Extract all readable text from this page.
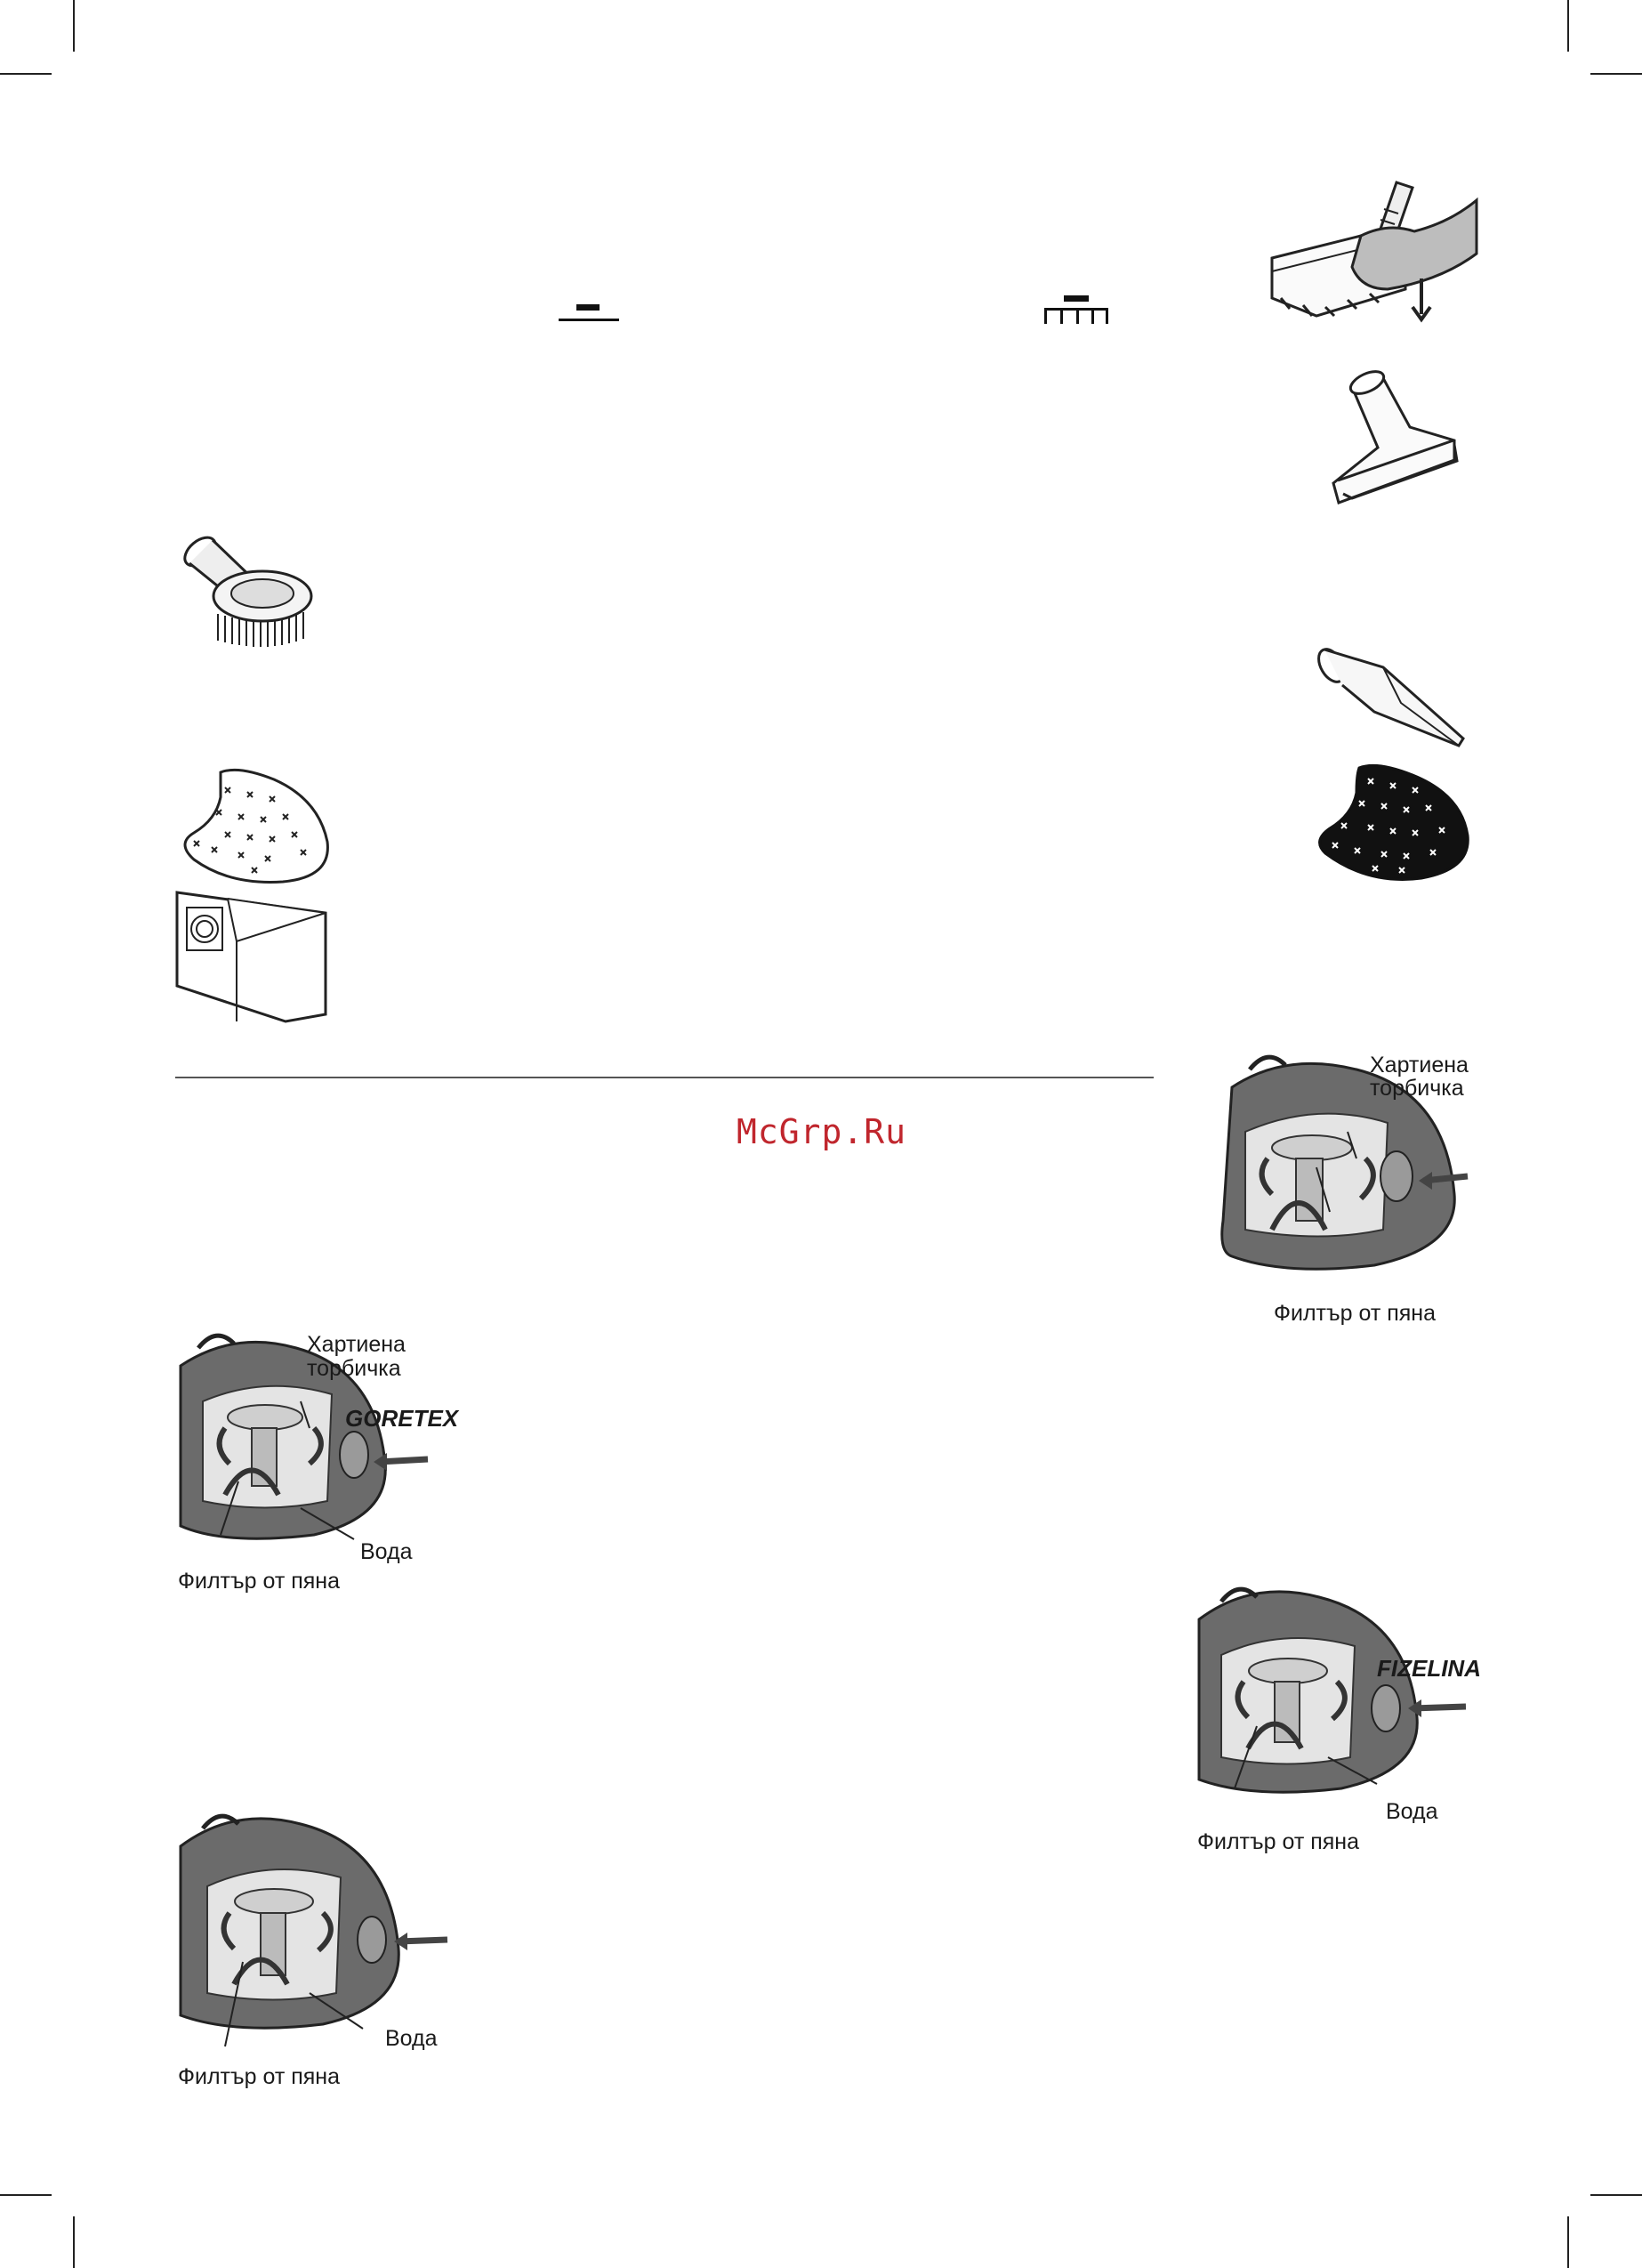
McGrp.Ru
Хартиена
торбичка
Филтър от пяна
Хартиена
торбичка
GORETEX
Вода
Филтър от пяна
FIZELINA
Вода
Филтър от пяна
Вода
Филтър от пяна
